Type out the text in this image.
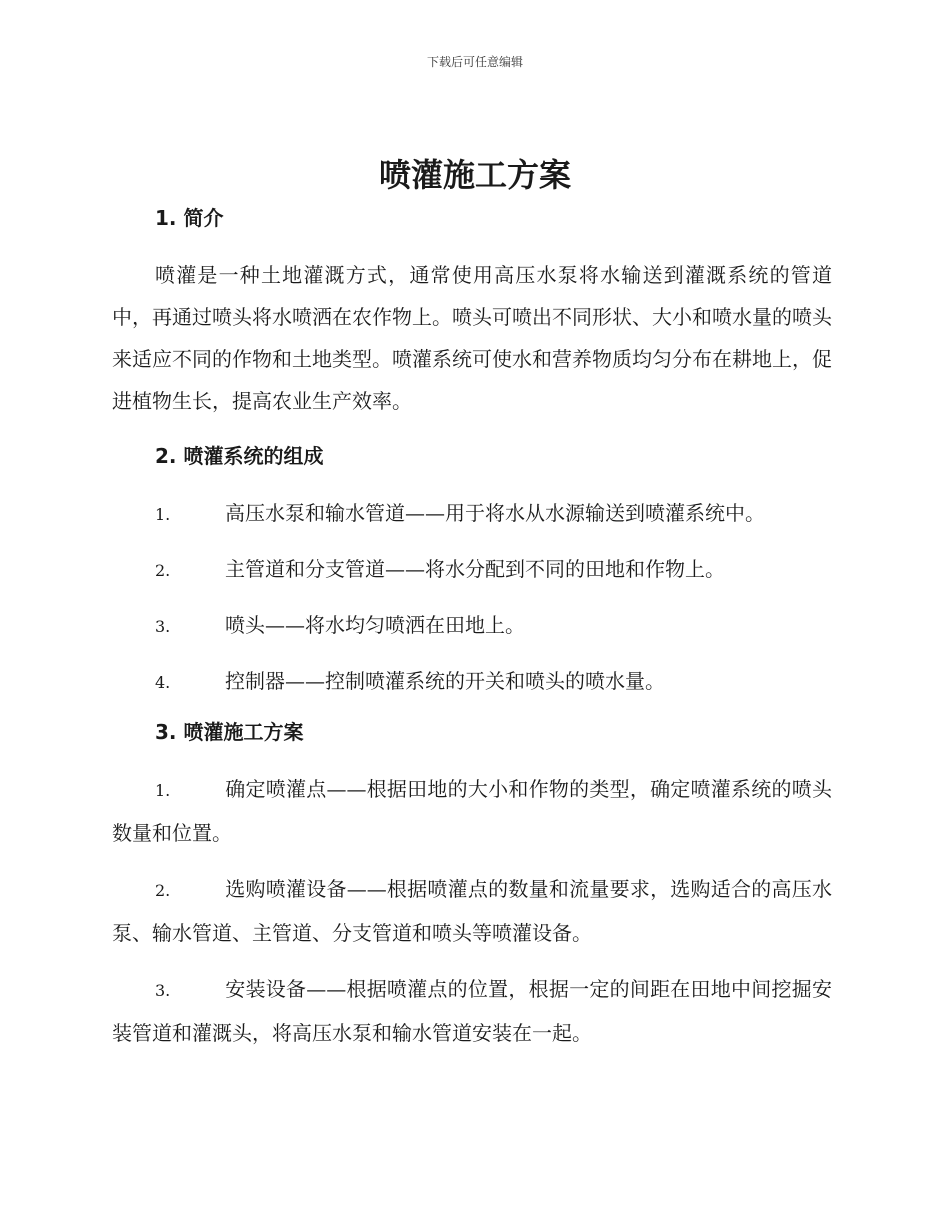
下载后可任意编辑
喷灌施工方案
1. 简介

喷灌是一种土地灌溉方式，通常使用高压水泵将水输送到灌溉系统的管道中，再通过喷头将水喷洒在农作物上。喷头可喷出不同形状、大小和喷水量的喷头来适应不同的作物和土地类型。喷灌系统可使水和营养物质均匀分布在耕地上，促进植物生长，提高农业生产效率。

2. 喷灌系统的组成

1.	高压水泵和输水管道——用于将水从水源输送到喷灌系统中。

2.	主管道和分支管道——将水分配到不同的田地和作物上。

3.	喷头——将水均匀喷洒在田地上。

4.	控制器——控制喷灌系统的开关和喷头的喷水量。

3. 喷灌施工方案

1.	确定喷灌点——根据田地的大小和作物的类型，确定喷灌系统的喷头数量和位置。

2.	选购喷灌设备——根据喷灌点的数量和流量要求，选购适合的高压水泵、输水管道、主管道、分支管道和喷头等喷灌设备。

3.	安装设备——根据喷灌点的位置，根据一定的间距在田地中间挖掘安装管道和灌溉头，将高压水泵和输水管道安装在一起。
